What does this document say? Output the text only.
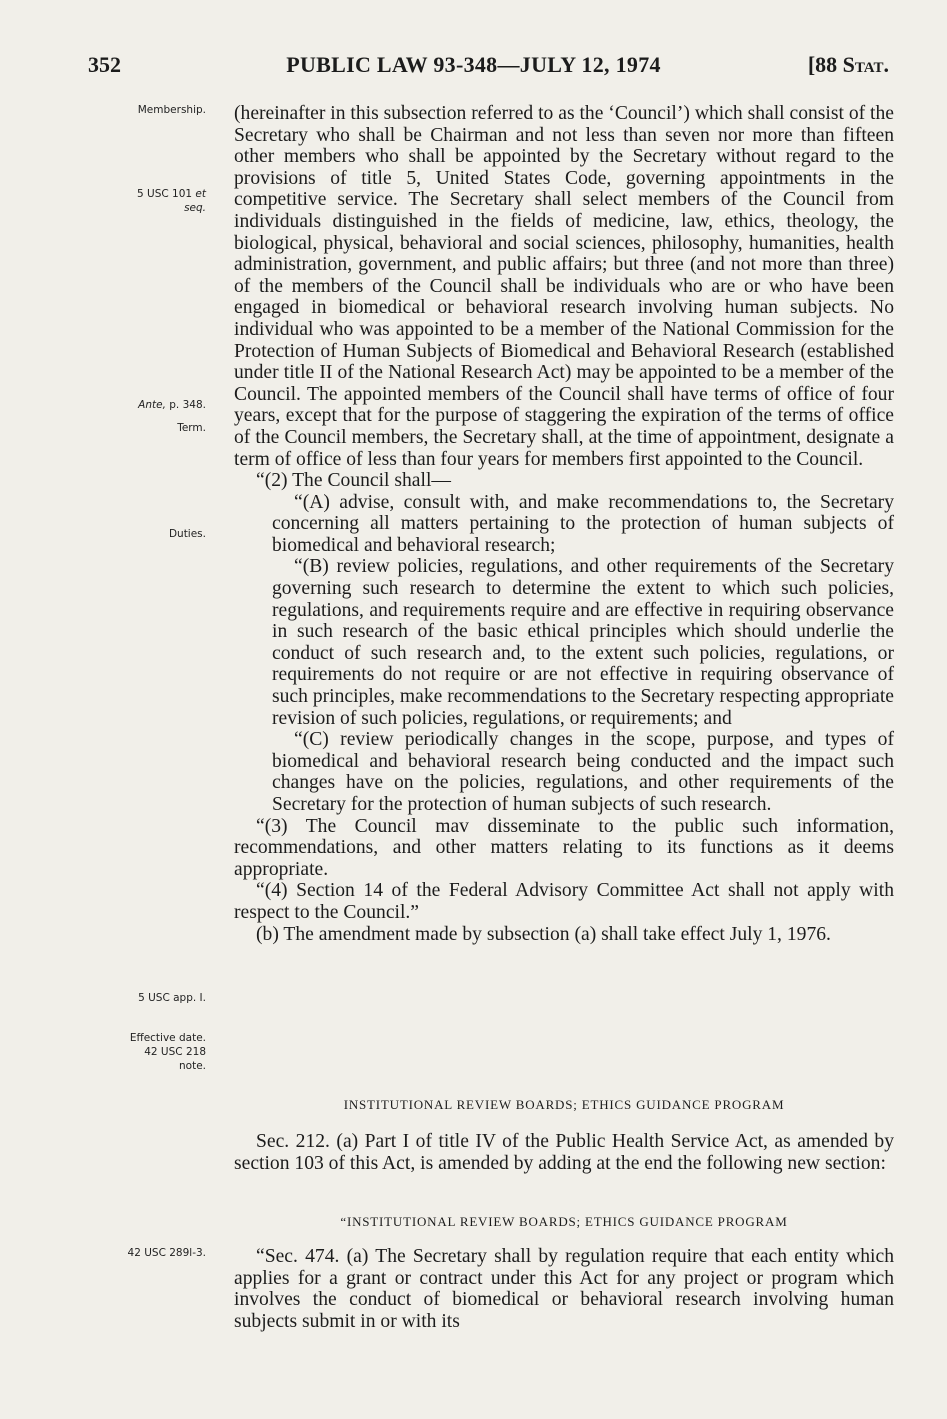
352	PUBLIC LAW 93-348—JULY 12, 1974	[88 Stat.
Membership.
5 USC 101 et
seq.
Ante, p. 348.
Term.
Duties.
5 USC app. I.
Effective date.
42 USC 218
note.
42 USC 289l-3.

(hereinafter in this subsection referred to as the ‘Council’) which shall consist of the Secretary who shall be Chairman and not less than seven nor more than fifteen other members who shall be appointed by the Secretary without regard to the provisions of title 5, United States Code, governing appointments in the competitive service. The Secretary shall select members of the Council from individuals distinguished in the fields of medicine, law, ethics, theology, the biological, physical, behavioral and social sciences, philosophy, humanities, health administration, government, and public affairs; but three (and not more than three) of the members of the Council shall be individuals who are or who have been engaged in biomedical or behavioral research involving human subjects. No individual who was appointed to be a member of the National Commission for the Protection of Human Subjects of Biomedical and Behavioral Research (established under title II of the National Research Act) may be appointed to be a member of the Council. The appointed members of the Council shall have terms of office of four years, except that for the purpose of staggering the expiration of the terms of office of the Council members, the Secretary shall, at the time of appointment, designate a term of office of less than four years for members first appointed to the Council.

“(2) The Council shall—

“(A) advise, consult with, and make recommendations to, the Secretary concerning all matters pertaining to the protection of human subjects of biomedical and behavioral research;

“(B) review policies, regulations, and other requirements of the Secretary governing such research to determine the extent to which such policies, regulations, and requirements require and are effective in requiring observance in such research of the basic ethical principles which should underlie the conduct of such research and, to the extent such policies, regulations, or requirements do not require or are not effective in requiring observance of such principles, make recommendations to the Secretary respecting appropriate revision of such policies, regulations, or requirements; and

“(C) review periodically changes in the scope, purpose, and types of biomedical and behavioral research being conducted and the impact such changes have on the policies, regulations, and other requirements of the Secretary for the protection of human subjects of such research.

“(3) The Council mav disseminate to the public such information, recommendations, and other matters relating to its functions as it deems appropriate.

“(4) Section 14 of the Federal Advisory Committee Act shall not apply with respect to the Council.”

(b) The amendment made by subsection (a) shall take effect July 1, 1976.

INSTITUTIONAL REVIEW BOARDS; ETHICS GUIDANCE PROGRAM

Sec. 212. (a) Part I of title IV of the Public Health Service Act, as amended by section 103 of this Act, is amended by adding at the end the following new section:

“INSTITUTIONAL REVIEW BOARDS; ETHICS GUIDANCE PROGRAM

“Sec. 474. (a) The Secretary shall by regulation require that each entity which applies for a grant or contract under this Act for any project or program which involves the conduct of biomedical or behavioral research involving human subjects submit in or with its
